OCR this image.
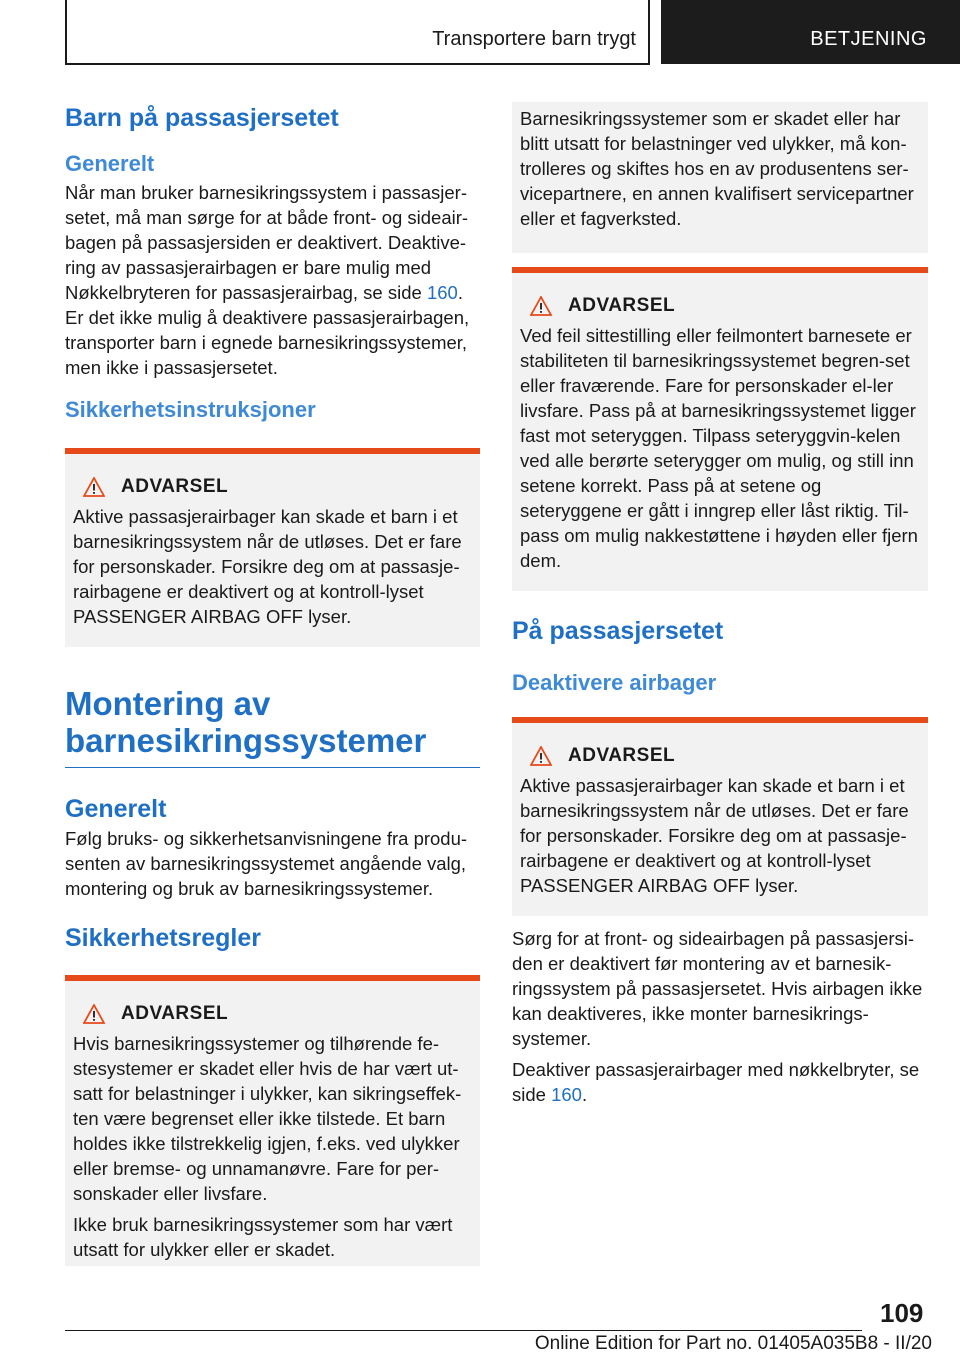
Transportere barn trygt	BETJENING
Barn på passasjersetet
Generelt

Når man bruker barnesikringssystem i passasjer-setet, må man sørge for at både front- og sideair-bagen på passasjersiden er deaktivert. Deaktive-ring av passasjerairbagen er bare mulig med Nøkkelbryteren for passasjerairbag, se side 160.

Er det ikke mulig å deaktivere passasjerairbagen, transporter barn i egnede barnesikringssystemer, men ikke i passasjersetet.

Sikkerhetsinstruksjoner
ADVARSEL

Aktive passasjerairbager kan skade et barn i et barnesikringssystem når de utløses. Det er fare for personskader. Forsikre deg om at passasje-rairbagene er deaktivert og at kontroll-lyset PASSENGER AIRBAG OFF lyser.

Montering av barnesikringssystemer
Generelt

Følg bruks- og sikkerhetsanvisningene fra produ-senten av barnesikringssystemet angående valg, montering og bruk av barnesikringssystemer.

Sikkerhetsregler
ADVARSEL

Hvis barnesikringssystemer og tilhørende fe-stesystemer er skadet eller hvis de har vært ut-satt for belastninger i ulykker, kan sikringseffek-ten være begrenset eller ikke tilstede. Et barn holdes ikke tilstrekkelig igjen, f.eks. ved ulykker eller bremse- og unnamanøvre. Fare for per-sonskader eller livsfare.

Ikke bruk barnesikringssystemer som har vært utsatt for ulykker eller er skadet.

Barnesikringssystemer som er skadet eller har blitt utsatt for belastninger ved ulykker, må kon-trolleres og skiftes hos en av produsentens ser-vicepartnere, en annen kvalifisert servicepartner eller et fagverksted.

ADVARSEL

Ved feil sittestilling eller feilmontert barnesete er stabiliteten til barnesikringssystemet begren-set eller fraværende. Fare for personskader el-ler livsfare. Pass på at barnesikringssystemet ligger fast mot seteryggen. Tilpass seteryggvin-kelen ved alle berørte seterygger om mulig, og still inn setene korrekt. Pass på at setene og seteryggene er gått i inngrep eller låst riktig. Til-pass om mulig nakkestøttene i høyden eller fjern dem.

På passasjersetet
Deaktivere airbager
ADVARSEL

Aktive passasjerairbager kan skade et barn i et barnesikringssystem når de utløses. Det er fare for personskader. Forsikre deg om at passasje-rairbagene er deaktivert og at kontroll-lyset PASSENGER AIRBAG OFF lyser.

Sørg for at front- og sideairbagen på passasjersi-den er deaktivert før montering av et barnesik-ringssystem på passasjersetet. Hvis airbagen ikke kan deaktiveres, ikke monter barnesikrings-systemer.

Deaktiver passasjerairbager med nøkkelbryter, se side 160.

109
Online Edition for Part no. 01405A035B8 - II/20
